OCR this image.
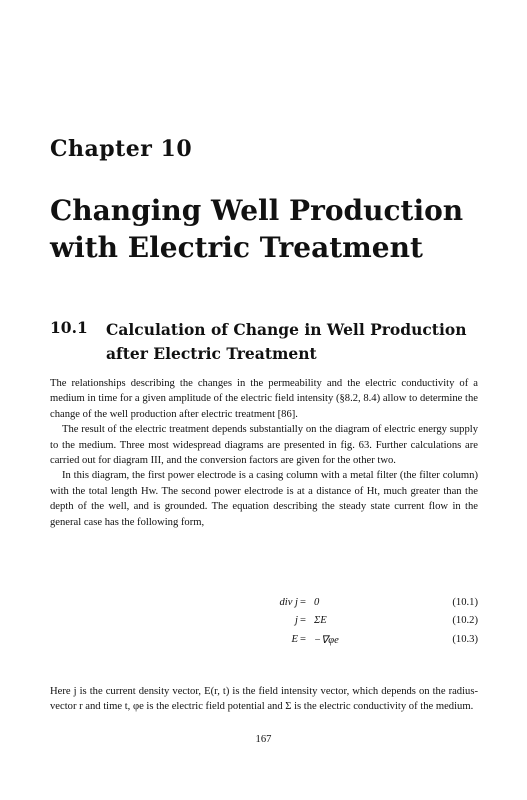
Chapter 10
Changing Well Production
with Electric Treatment
10.1 Calculation of Change in Well Production
after Electric Treatment

The relationships describing the changes in the permeability and the electric conductivity of a medium in time for a given amplitude of the electric field intensity (§8.2, 8.4) allow to determine the change of the well production after electric treatment [86].

The result of the electric treatment depends substantially on the diagram of electric energy supply to the medium. Three most widespread diagrams are presented in fig. 63. Further calculations are carried out for diagram III, and the conversion factors are given for the other two.

In this diagram, the first power electrode is a casing column with a metal filter (the filter column) with the total length Hw. The second power electrode is at a distance of Ht, much greater than the depth of the well, and is grounded. The equation describing the steady state current flow in the general case has the following form,

div j = 0	(10.1)
j = ΣE	(10.2)
E = −∇φe	(10.3)

Here j is the current density vector, E(r, t) is the field intensity vector, which depends on the radius-vector r and time t, φe is the electric field potential and Σ is the electric conductivity of the medium.

167
